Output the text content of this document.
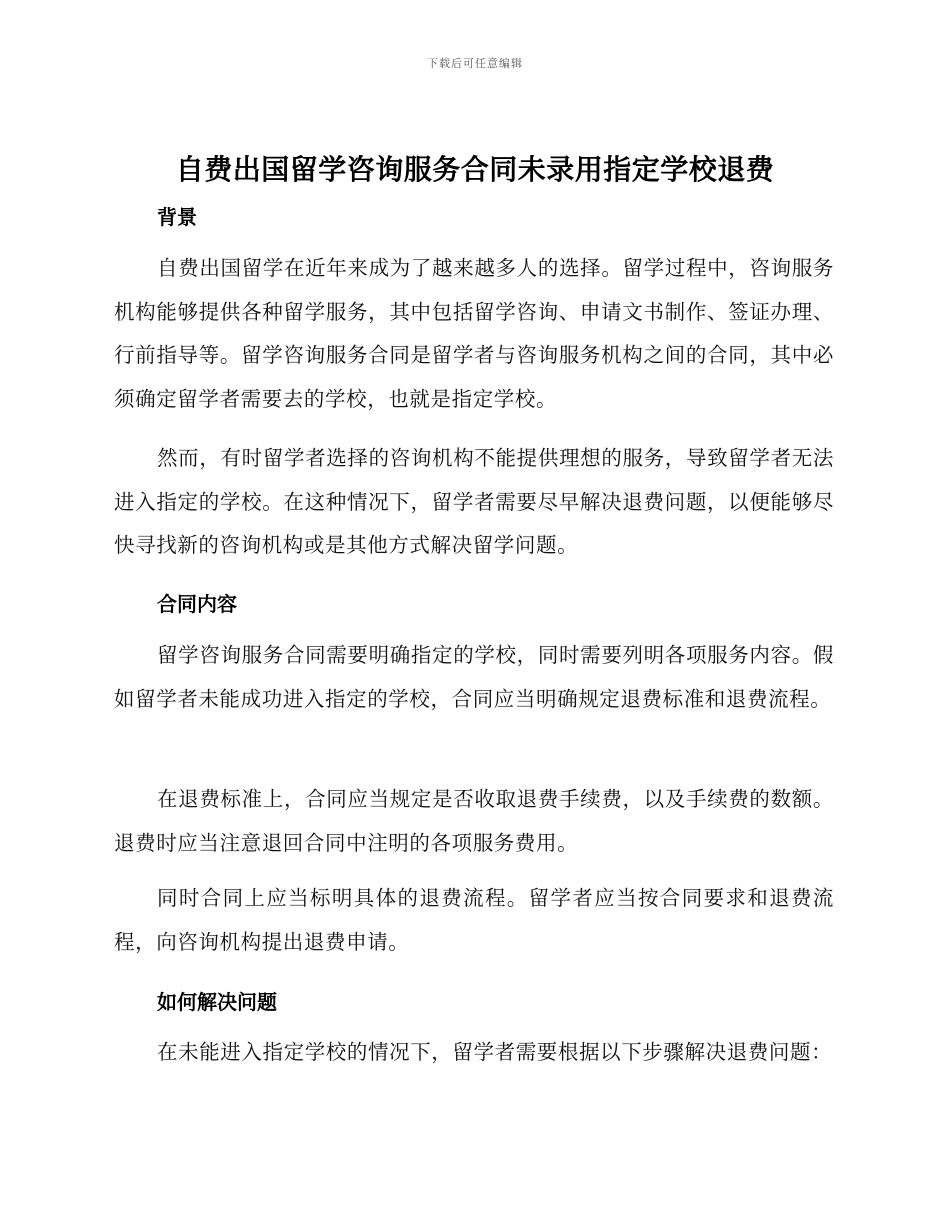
下载后可任意编辑
自费出国留学咨询服务合同未录用指定学校退费
背景

自费出国留学在近年来成为了越来越多人的选择。留学过程中，咨询服务机构能够提供各种留学服务，其中包括留学咨询、申请文书制作、签证办理、行前指导等。留学咨询服务合同是留学者与咨询服务机构之间的合同，其中必须确定留学者需要去的学校，也就是指定学校。

然而，有时留学者选择的咨询机构不能提供理想的服务，导致留学者无法进入指定的学校。在这种情况下，留学者需要尽早解决退费问题，以便能够尽快寻找新的咨询机构或是其他方式解决留学问题。

合同内容

留学咨询服务合同需要明确指定的学校，同时需要列明各项服务内容。假如留学者未能成功进入指定的学校，合同应当明确规定退费标准和退费流程。

在退费标准上，合同应当规定是否收取退费手续费，以及手续费的数额。退费时应当注意退回合同中注明的各项服务费用。

同时合同上应当标明具体的退费流程。留学者应当按合同要求和退费流程，向咨询机构提出退费申请。

如何解决问题

在未能进入指定学校的情况下，留学者需要根据以下步骤解决退费问题：
